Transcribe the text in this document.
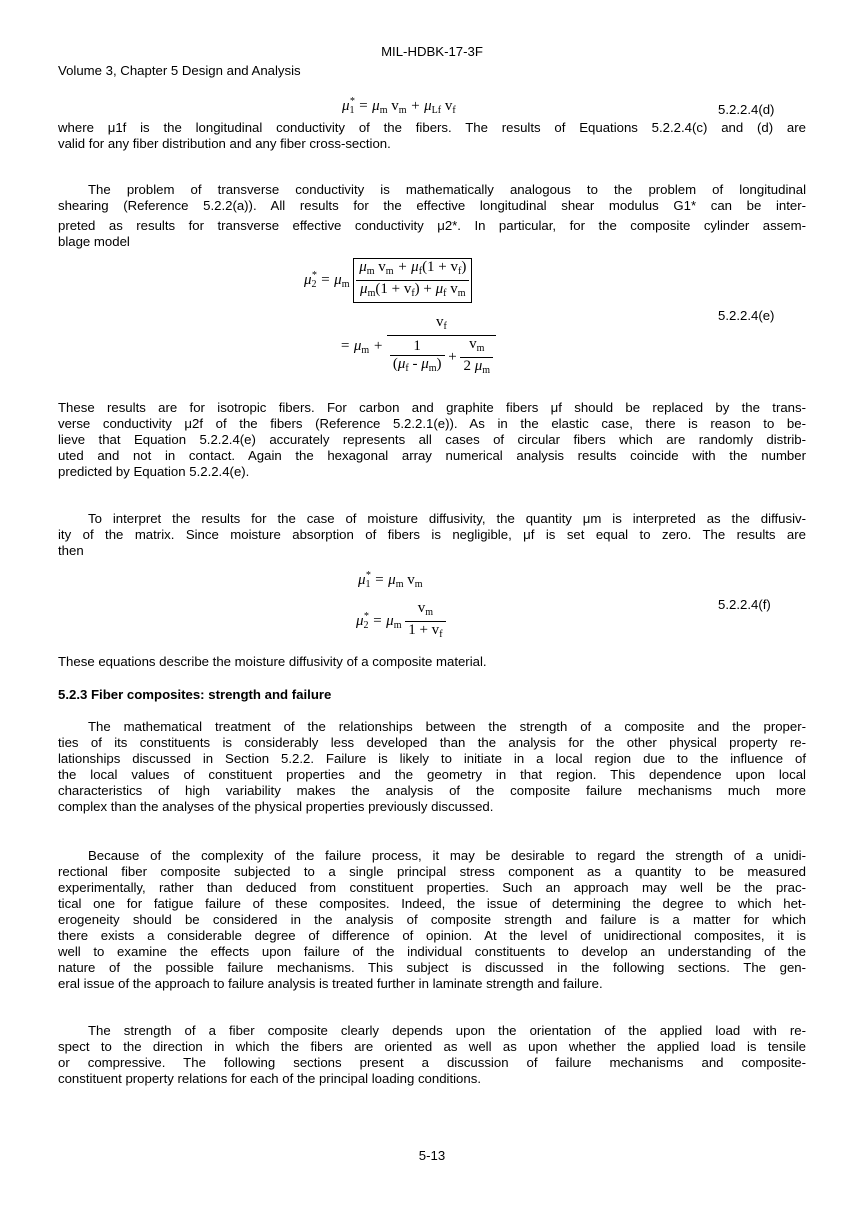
MIL-HDBK-17-3F
Volume 3, Chapter 5 Design and Analysis
$\mu^*_1 = \mu_m$ $v_m + \mu_{Lf}$ $v_f$	5.2.2.4(d)
where μ1f is the longitudinal conductivity of the fibers. The results of Equations 5.2.2.4(c) and (d) are
valid for any fiber distribution and any fiber cross-section.
The problem of transverse conductivity is mathematically analogous to the problem of longitudinal
shearing (Reference 5.2.2(a)). All results for the effective longitudinal shear modulus G1* can be inter-
preted as results for transverse effective conductivity μ2*. In particular, for the composite cylinder assem-
blage model
$\mu^*_2 = \mu_m \frac{\mu_m v_m + \mu_f(1 + v_f)}{\mu_m(1 + v_f) + \mu_f v_m}$
= $\mu_m + \frac{v_f}{\frac{1}{(\mu_f - \mu_m)} + \frac{v_m}{2 \mu_m}}$	5.2.2.4(e)
These results are for isotropic fibers. For carbon and graphite fibers μf should be replaced by the trans-
verse conductivity μ2f of the fibers (Reference 5.2.2.1(e)). As in the elastic case, there is reason to be-
lieve that Equation 5.2.2.4(e) accurately represents all cases of circular fibers which are randomly distrib-
uted and not in contact. Again the hexagonal array numerical analysis results coincide with the number
predicted by Equation 5.2.2.4(e).
To interpret the results for the case of moisture diffusivity, the quantity μm is interpreted as the diffusiv-
ity of the matrix. Since moisture absorption of fibers is negligible, μf is set equal to zero. The results are
then
$\mu^*_1 = \mu_m$ $v_m$
$\mu^*_2 = \mu_m \frac{v_m}{1 + v_f}$	5.2.2.4(f)
These equations describe the moisture diffusivity of a composite material.
5.2.3 Fiber composites: strength and failure
The mathematical treatment of the relationships between the strength of a composite and the proper-
ties of its constituents is considerably less developed than the analysis for the other physical property re-
lationships discussed in Section 5.2.2. Failure is likely to initiate in a local region due to the influence of
the local values of constituent properties and the geometry in that region. This dependence upon local
characteristics of high variability makes the analysis of the composite failure mechanisms much more
complex than the analyses of the physical properties previously discussed.
Because of the complexity of the failure process, it may be desirable to regard the strength of a unidi-
rectional fiber composite subjected to a single principal stress component as a quantity to be measured
experimentally, rather than deduced from constituent properties. Such an approach may well be the prac-
tical one for fatigue failure of these composites. Indeed, the issue of determining the degree to which het-
erogeneity should be considered in the analysis of composite strength and failure is a matter for which
there exists a considerable degree of difference of opinion. At the level of unidirectional composites, it is
well to examine the effects upon failure of the individual constituents to develop an understanding of the
nature of the possible failure mechanisms. This subject is discussed in the following sections. The gen-
eral issue of the approach to failure analysis is treated further in laminate strength and failure.
The strength of a fiber composite clearly depends upon the orientation of the applied load with re-
spect to the direction in which the fibers are oriented as well as upon whether the applied load is tensile
or compressive. The following sections present a discussion of failure mechanisms and composite-
constituent property relations for each of the principal loading conditions.
5-13
